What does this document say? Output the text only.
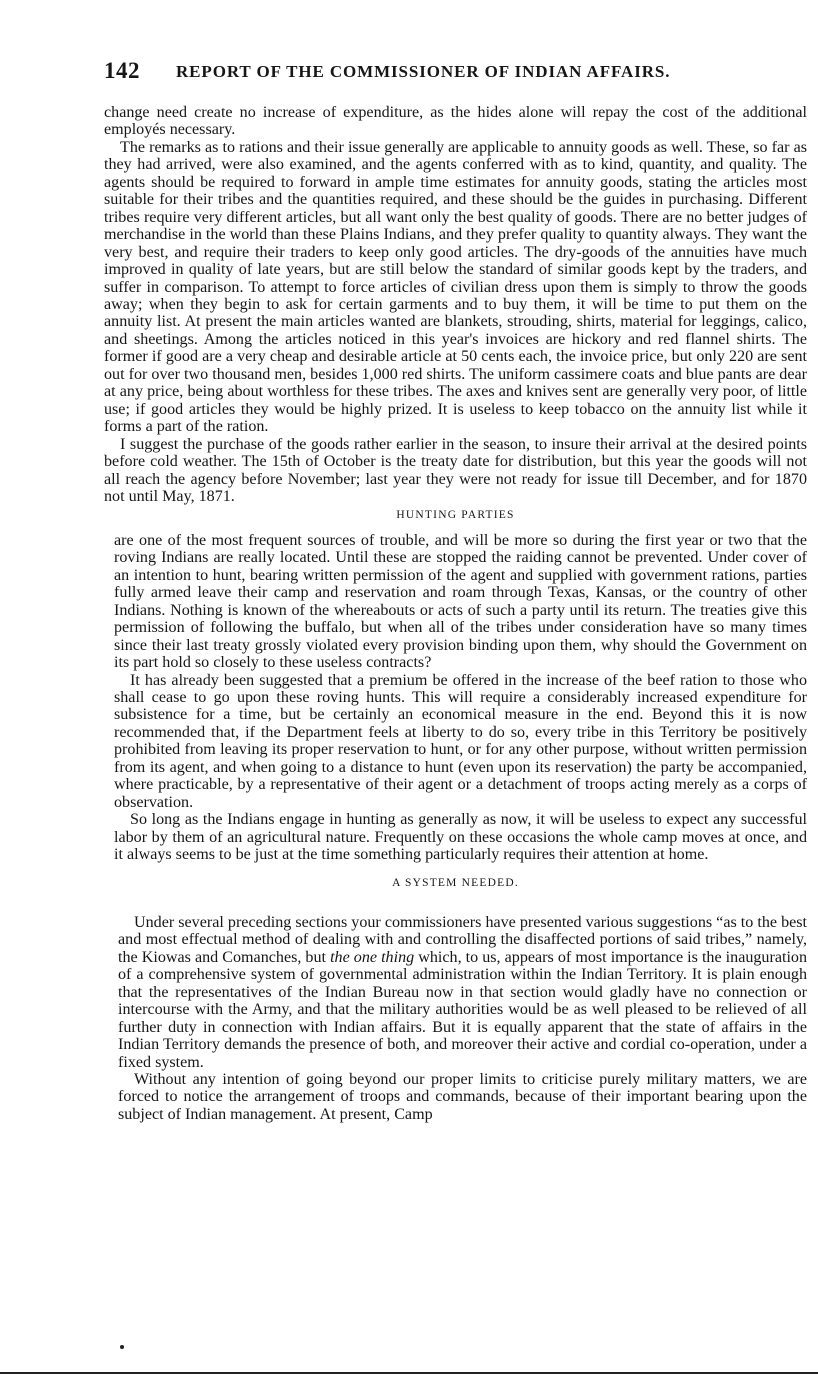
142 REPORT OF THE COMMISSIONER OF INDIAN AFFAIRS.

change need create no increase of expenditure, as the hides alone will repay the cost of the additional employés necessary.

The remarks as to rations and their issue generally are applicable to annuity goods as well. These, so far as they had arrived, were also examined, and the agents conferred with as to kind, quantity, and quality. The agents should be required to forward in ample time estimates for annuity goods, stating the articles most suitable for their tribes and the quantities required, and these should be the guides in purchasing. Different tribes require very different articles, but all want only the best quality of goods. There are no better judges of merchandise in the world than these Plains Indians, and they prefer quality to quantity always. They want the very best, and require their traders to keep only good articles. The dry-goods of the annuities have much improved in quality of late years, but are still below the standard of similar goods kept by the traders, and suffer in comparison. To attempt to force articles of civilian dress upon them is simply to throw the goods away; when they begin to ask for certain garments and to buy them, it will be time to put them on the annuity list. At present the main articles wanted are blankets, strouding, shirts, material for leggings, calico, and sheetings. Among the articles noticed in this year's invoices are hickory and red flannel shirts. The former if good are a very cheap and desirable article at 50 cents each, the invoice price, but only 220 are sent out for over two thousand men, besides 1,000 red shirts. The uniform cassimere coats and blue pants are dear at any price, being about worthless for these tribes. The axes and knives sent are generally very poor, of little use; if good articles they would be highly prized. It is useless to keep tobacco on the annuity list while it forms a part of the ration.

I suggest the purchase of the goods rather earlier in the season, to insure their arrival at the desired points before cold weather. The 15th of October is the treaty date for distribution, but this year the goods will not all reach the agency before November; last year they were not ready for issue till December, and for 1870 not until May, 1871.

HUNTING PARTIES

are one of the most frequent sources of trouble, and will be more so during the first year or two that the roving Indians are really located. Until these are stopped the raiding cannot be prevented. Under cover of an intention to hunt, bearing written permission of the agent and supplied with government rations, parties fully armed leave their camp and reservation and roam through Texas, Kansas, or the country of other Indians. Nothing is known of the whereabouts or acts of such a party until its return. The treaties give this permission of following the buffalo, but when all of the tribes under consideration have so many times since their last treaty grossly violated every provision binding upon them, why should the Government on its part hold so closely to these useless contracts?

It has already been suggested that a premium be offered in the increase of the beef ration to those who shall cease to go upon these roving hunts. This will require a considerably increased expenditure for subsistence for a time, but be certainly an economical measure in the end. Beyond this it is now recommended that, if the Department feels at liberty to do so, every tribe in this Territory be positively prohibited from leaving its proper reservation to hunt, or for any other purpose, without written permission from its agent, and when going to a distance to hunt (even upon its reservation) the party be accompanied, where practicable, by a representative of their agent or a detachment of troops acting merely as a corps of observation.

So long as the Indians engage in hunting as generally as now, it will be useless to expect any successful labor by them of an agricultural nature. Frequently on these occasions the whole camp moves at once, and it always seems to be just at the time something particularly requires their attention at home.

A SYSTEM NEEDED.

Under several preceding sections your commissioners have presented various suggestions “as to the best and most effectual method of dealing with and controlling the disaffected portions of said tribes,” namely, the Kiowas and Comanches, but the one thing which, to us, appears of most importance is the inauguration of a comprehensive system of governmental administration within the Indian Territory. It is plain enough that the representatives of the Indian Bureau now in that section would gladly have no connection or intercourse with the Army, and that the military authorities would be as well pleased to be relieved of all further duty in connection with Indian affairs. But it is equally apparent that the state of affairs in the Indian Territory demands the presence of both, and moreover their active and cordial co-operation, under a fixed system.

Without any intention of going beyond our proper limits to criticise purely military matters, we are forced to notice the arrangement of troops and commands, because of their important bearing upon the subject of Indian management. At present, Camp
